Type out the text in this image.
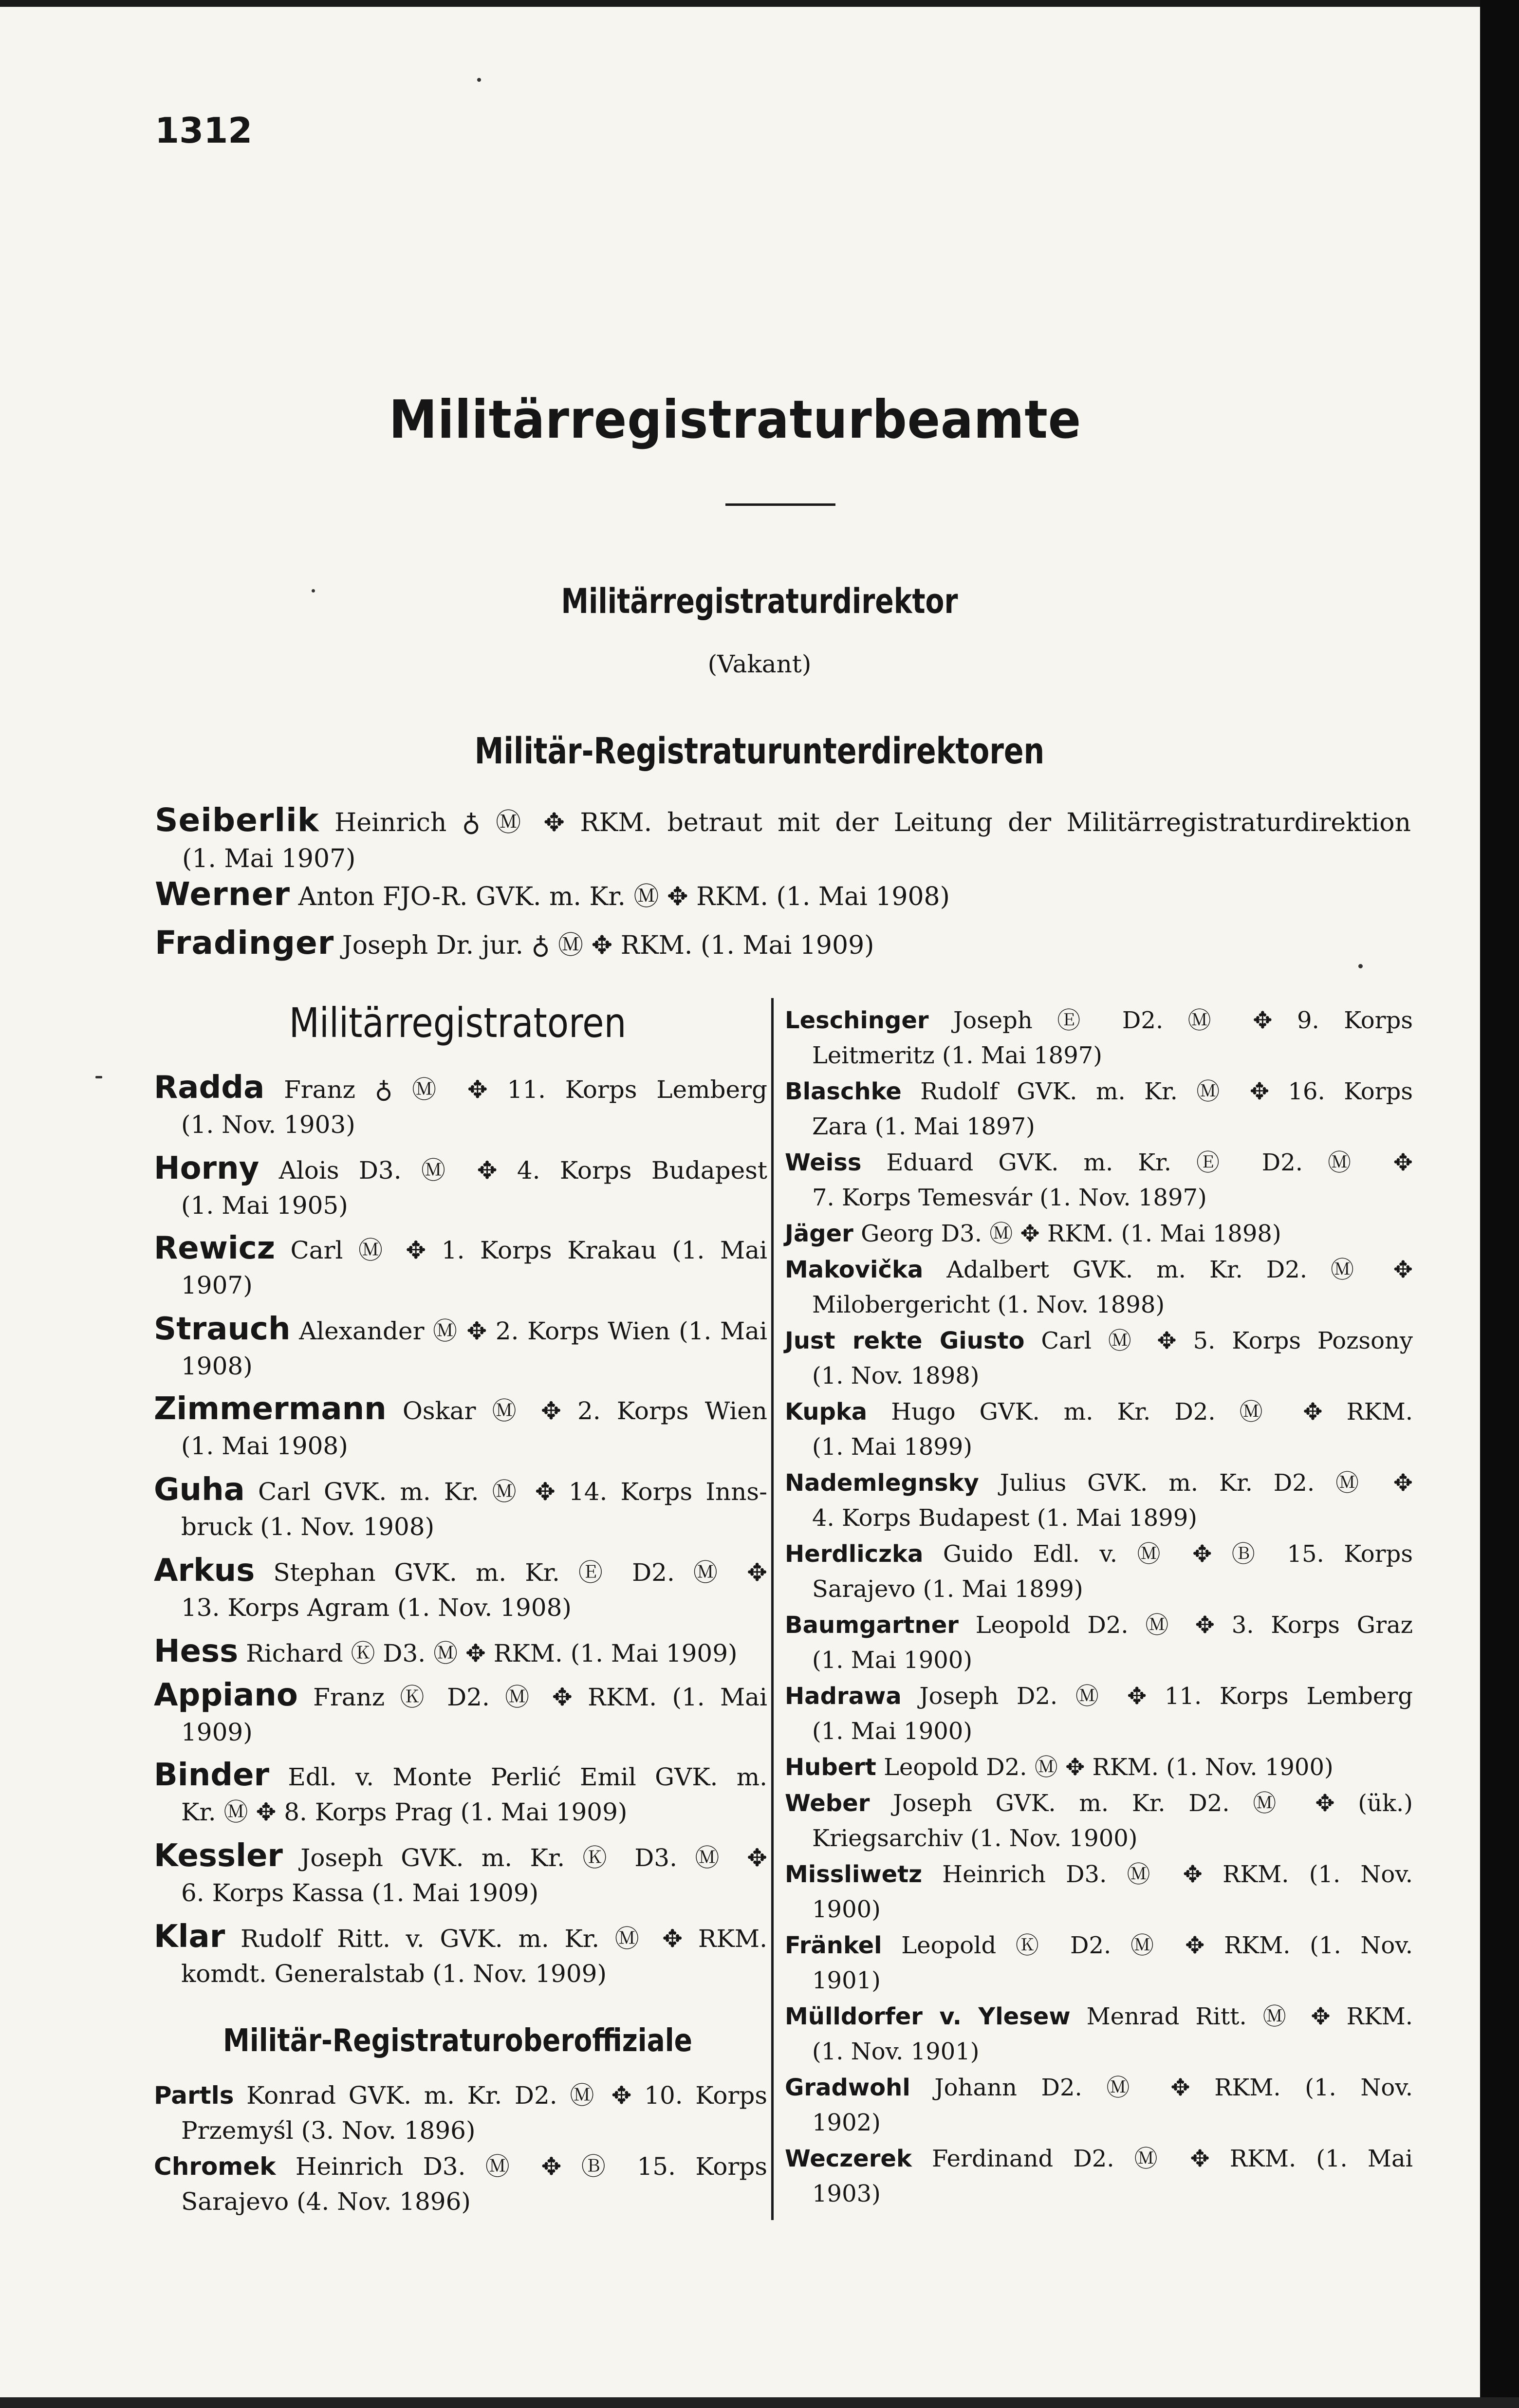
1312
Militärregistraturbeamte
Militärregistraturdirektor
(Vakant)
Militär-Registraturunterdirektoren
Seiberlik Heinrich ♁ Ⓜ ✥ RKM. betraut mit der Leitung der Militärregistraturdirektion
(1. Mai 1907)
Werner Anton FJO-R. GVK. m. Kr. Ⓜ ✥ RKM. (1. Mai 1908)
Fradinger Joseph Dr. jur. ♁ Ⓜ ✥ RKM. (1. Mai 1909)
Militärregistratoren
Radda Franz ♁ Ⓜ ✥ 11. Korps Lemberg
(1. Nov. 1903)
Horny Alois D3. Ⓜ ✥ 4. Korps Budapest
(1. Mai 1905)
Rewicz Carl Ⓜ ✥ 1. Korps Krakau (1. Mai
1907)
Strauch Alexander Ⓜ ✥ 2. Korps Wien (1. Mai
1908)
Zimmermann Oskar Ⓜ ✥ 2. Korps Wien
(1. Mai 1908)
Guha Carl GVK. m. Kr. Ⓜ ✥ 14. Korps Inns-
bruck (1. Nov. 1908)
Arkus Stephan GVK. m. Kr. Ⓔ D2. Ⓜ ✥
13. Korps Agram (1. Nov. 1908)
Hess Richard Ⓚ D3. Ⓜ ✥ RKM. (1. Mai 1909)
Appiano Franz Ⓚ D2. Ⓜ ✥ RKM. (1. Mai
1909)
Binder Edl. v. Monte Perlić Emil GVK. m.
Kr. Ⓜ ✥ 8. Korps Prag (1. Mai 1909)
Kessler Joseph GVK. m. Kr. Ⓚ D3. Ⓜ ✥
6. Korps Kassa (1. Mai 1909)
Klar Rudolf Ritt. v. GVK. m. Kr. Ⓜ ✥ RKM.
komdt. Generalstab (1. Nov. 1909)
Militär-Registraturoberoffiziale
Partls Konrad GVK. m. Kr. D2. Ⓜ ✥ 10. Korps
Przemyśl (3. Nov. 1896)
Chromek Heinrich D3. Ⓜ ✥ Ⓑ 15. Korps
Sarajevo (4. Nov. 1896)
Leschinger Joseph Ⓔ D2. Ⓜ ✥ 9. Korps
Leitmeritz (1. Mai 1897)
Blaschke Rudolf GVK. m. Kr. Ⓜ ✥ 16. Korps
Zara (1. Mai 1897)
Weiss Eduard GVK. m. Kr. Ⓔ D2. Ⓜ ✥
7. Korps Temesvár (1. Nov. 1897)
Jäger Georg D3. Ⓜ ✥ RKM. (1. Mai 1898)
Makovička Adalbert GVK. m. Kr. D2. Ⓜ ✥
Milobergericht (1. Nov. 1898)
Just rekte Giusto Carl Ⓜ ✥ 5. Korps Pozsony
(1. Nov. 1898)
Kupka Hugo GVK. m. Kr. D2. Ⓜ ✥ RKM.
(1. Mai 1899)
Nademlegnsky Julius GVK. m. Kr. D2. Ⓜ ✥
4. Korps Budapest (1. Mai 1899)
Herdliczka Guido Edl. v. Ⓜ ✥ Ⓑ 15. Korps
Sarajevo (1. Mai 1899)
Baumgartner Leopold D2. Ⓜ ✥ 3. Korps Graz
(1. Mai 1900)
Hadrawa Joseph D2. Ⓜ ✥ 11. Korps Lemberg
(1. Mai 1900)
Hubert Leopold D2. Ⓜ ✥ RKM. (1. Nov. 1900)
Weber Joseph GVK. m. Kr. D2. Ⓜ ✥ (ük.)
Kriegsarchiv (1. Nov. 1900)
Missliwetz Heinrich D3. Ⓜ ✥ RKM. (1. Nov.
1900)
Fränkel Leopold Ⓚ D2. Ⓜ ✥ RKM. (1. Nov.
1901)
Mülldorfer v. Ylesew Menrad Ritt. Ⓜ ✥ RKM.
(1. Nov. 1901)
Gradwohl Johann D2. Ⓜ ✥ RKM. (1. Nov.
1902)
Weczerek Ferdinand D2. Ⓜ ✥ RKM. (1. Mai
1903)
